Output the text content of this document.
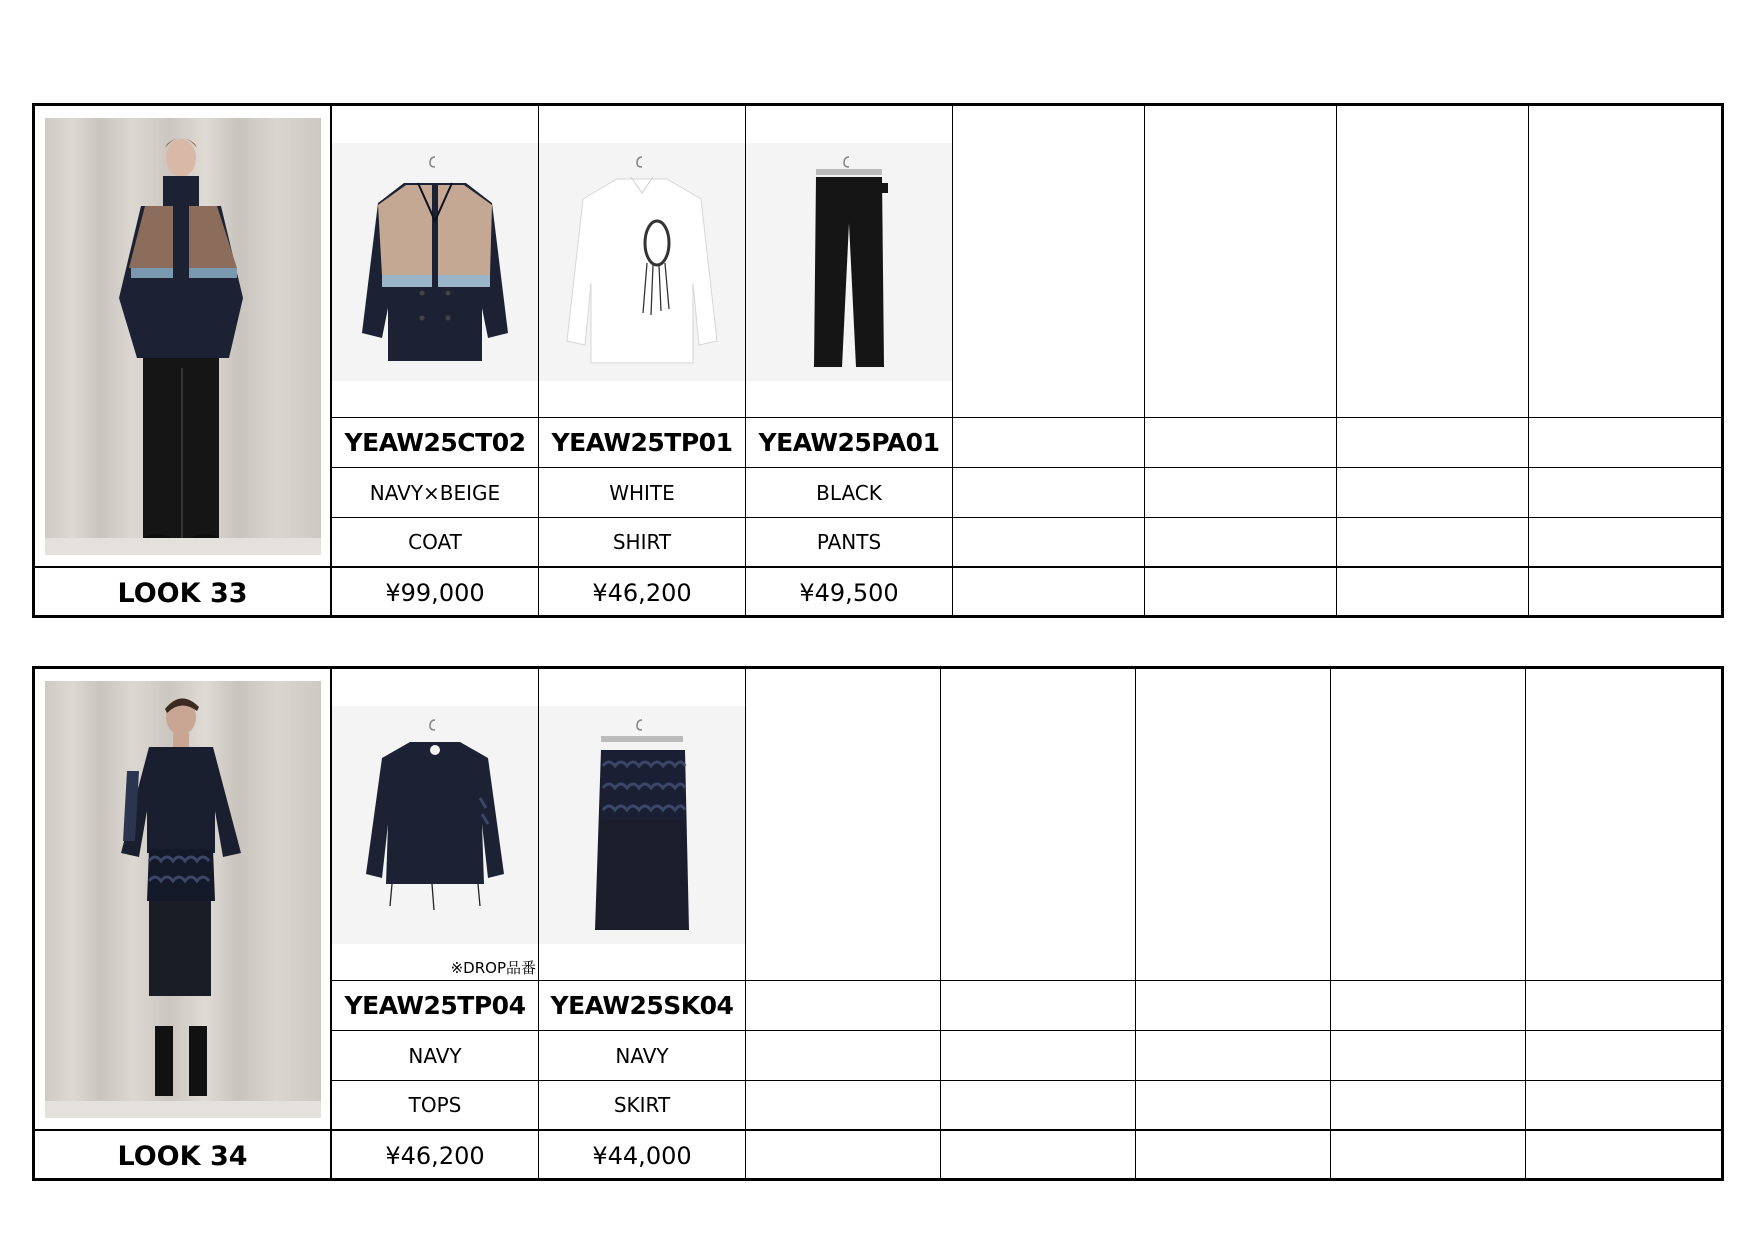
YEAW25CT02	YEAW25TP01	YEAW25PA01
NAVY×BEIGE	WHITE	BLACK
COAT	SHIRT	PANTS
LOOK 33	¥99,000	¥46,200	¥49,500
※DROP品番
YEAW25TP04	YEAW25SK04
NAVY	NAVY
TOPS	SKIRT
LOOK 34	¥46,200	¥44,000
